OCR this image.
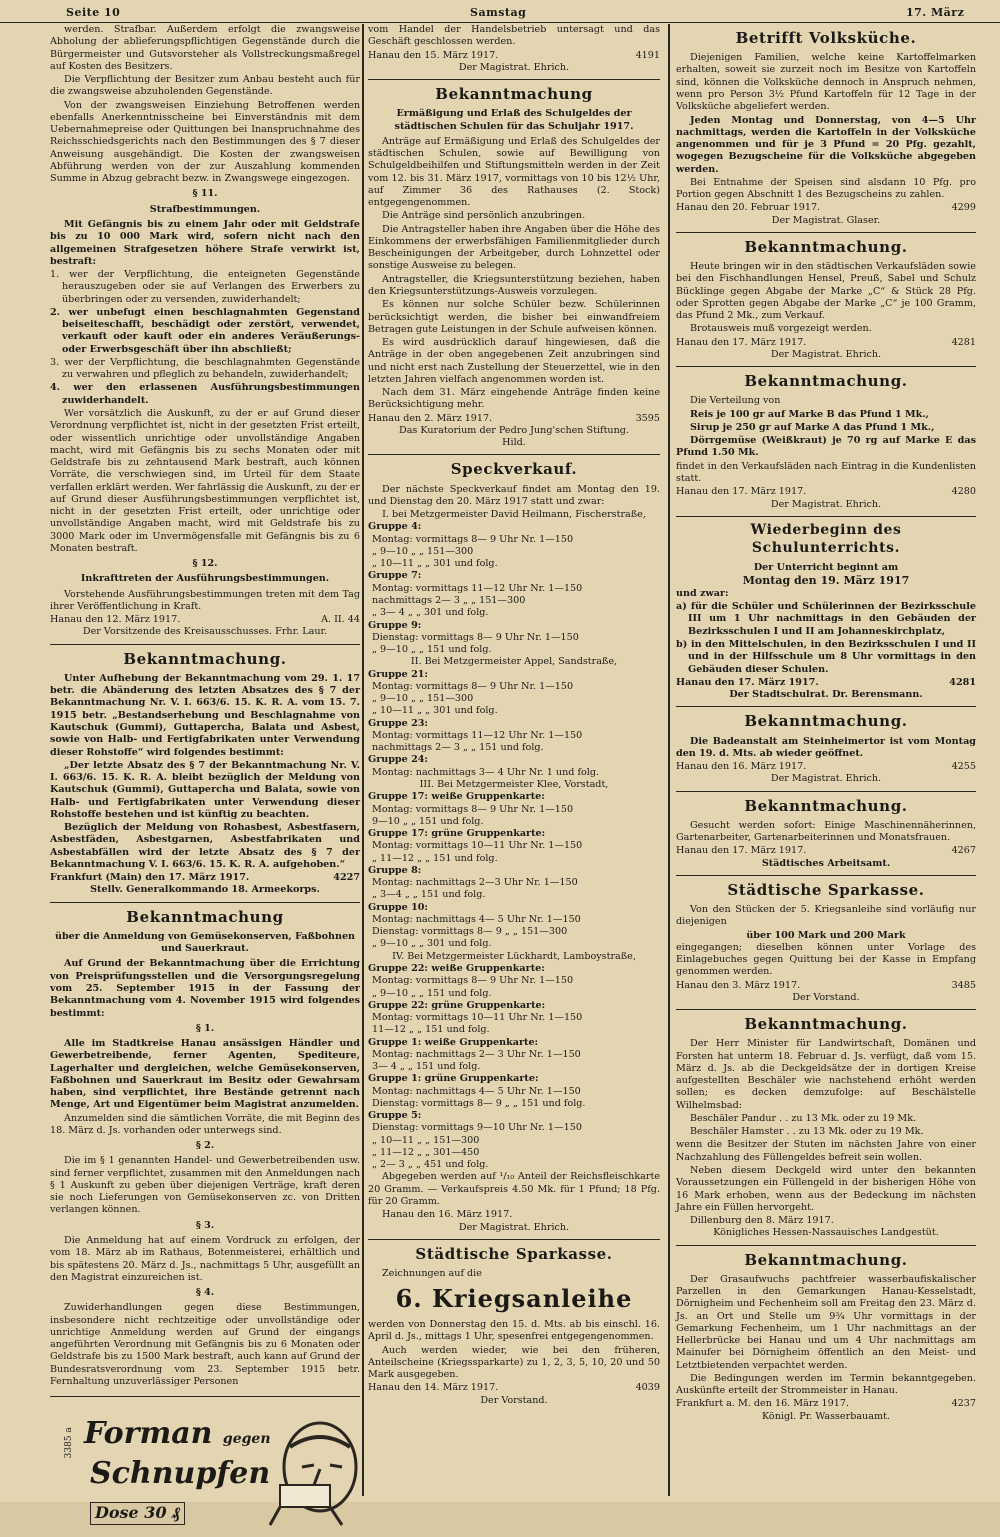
Seite 10	Samstag	17. März

werden. Strafbar. Außerdem erfolgt die zwangsweise Abholung der ablieferungspflichtigen Gegenstände durch die Bürgermeister und Gutsvorsteher als Vollstreckungsmaßregel auf Kosten des Besitzers.

Die Verpflichtung der Besitzer zum Anbau besteht auch für die zwangsweise abzuholenden Gegenstände.

Von der zwangsweisen Einziehung Betroffenen werden ebenfalls Anerkenntnisscheine bei Einverständnis mit dem Uebernahmepreise oder Quittungen bei Inanspruchnahme des Reichsschiedsgerichts nach den Bestimmungen des § 7 dieser Anweisung ausgehändigt. Die Kosten der zwangsweisen Abführung werden von der zur Auszahlung kommenden Summe in Abzug gebracht bezw. in Zwangswege eingezogen.

§ 11.
Strafbestimmungen.

Mit Gefängnis bis zu einem Jahr oder mit Geldstrafe bis zu 10 000 Mark wird, sofern nicht nach den allgemeinen Strafgesetzen höhere Strafe verwirkt ist, bestraft:

1. wer der Verpflichtung, die enteigneten Gegenstände herauszugeben oder sie auf Verlangen des Erwerbers zu überbringen oder zu versenden, zuwiderhandelt;

2. wer unbefugt einen beschlagnahmten Gegenstand beiseiteschafft, beschädigt oder zerstört, verwendet, verkauft oder kauft oder ein anderes Veräußerungs- oder Erwerbsgeschäft über ihn abschließt;

3. wer der Verpflichtung, die beschlagnahmten Gegenstände zu verwahren und pfleglich zu behandeln, zuwiderhandelt;

4. wer den erlassenen Ausführungsbestimmungen zuwiderhandelt.

Wer vorsätzlich die Auskunft, zu der er auf Grund dieser Verordnung verpflichtet ist, nicht in der gesetzten Frist erteilt, oder wissentlich unrichtige oder unvollständige Angaben macht, wird mit Gefängnis bis zu sechs Monaten oder mit Geldstrafe bis zu zehntausend Mark bestraft, auch können Vorräte, die verschwiegen sind, im Urteil für dem Staate verfallen erklärt werden. Wer fahrlässig die Auskunft, zu der er auf Grund dieser Ausführungsbestimmungen verpflichtet ist, nicht in der gesetzten Frist erteilt, oder unrichtige oder unvollständige Angaben macht, wird mit Geldstrafe bis zu 3000 Mark oder im Unvermögensfalle mit Gefängnis bis zu 6 Monaten bestraft.

§ 12.
Inkrafttreten der Ausführungsbestimmungen.

Vorstehende Ausführungsbestimmungen treten mit dem Tag ihrer Veröffentlichung in Kraft.

Hanau den 12. März 1917.	A. II. 44
Der Vorsitzende des Kreisausschusses. Frhr. Laur.
Bekanntmachung.

Unter Aufhebung der Bekanntmachung vom 29. 1. 17 betr. die Abänderung des letzten Absatzes des § 7 der Bekanntmachung Nr. V. I. 663/6. 15. K. R. A. vom 15. 7. 1915 betr. „Bestandserhebung und Beschlagnahme von Kautschuk (Gummi), Guttapercha, Balata und Asbest, sowie von Halb- und Fertigfabrikaten unter Verwendung dieser Rohstoffe“ wird folgendes bestimmt:

„Der letzte Absatz des § 7 der Bekanntmachung Nr. V. I. 663/6. 15. K. R. A. bleibt bezüglich der Meldung von Kautschuk (Gummi), Guttapercha und Balata, sowie von Halb- und Fertigfabrikaten unter Verwendung dieser Rohstoffe bestehen und ist künftig zu beachten.

Bezüglich der Meldung von Rohasbest, Asbestfasern, Asbestfäden, Asbestgarnen, Asbestfabrikaten und Asbestabfällen wird der letzte Absatz des § 7 der Bekanntmachung V. I. 663/6. 15. K. R. A. aufgehoben.“

Frankfurt (Main) den 17. März 1917.	4227
Stellv. Generalkommando 18. Armeekorps.
Bekanntmachung
über die Anmeldung von Gemüsekonserven, Faßbohnen und Sauerkraut.

Auf Grund der Bekanntmachung über die Errichtung von Preisprüfungsstellen und die Versorgungsregelung vom 25. September 1915 in der Fassung der Bekanntmachung vom 4. November 1915 wird folgendes bestimmt:

§ 1.

Alle im Stadtkreise Hanau ansässigen Händler und Gewerbetreibende, ferner Agenten, Spediteure, Lagerhalter und dergleichen, welche Gemüsekonserven, Faßbohnen und Sauerkraut im Besitz oder Gewahrsam haben, sind verpflichtet, ihre Bestände getrennt nach Menge, Art und Eigentümer beim Magistrat anzumelden.

Anzumelden sind die sämtlichen Vorräte, die mit Beginn des 18. März d. Js. vorhanden oder unterwegs sind.

§ 2.

Die im § 1 genannten Handel- und Gewerbetreibenden usw. sind ferner verpflichtet, zusammen mit den Anmeldungen nach § 1 Auskunft zu geben über diejenigen Verträge, kraft deren sie noch Lieferungen von Gemüsekonserven zc. von Dritten verlangen können.

§ 3.

Die Anmeldung hat auf einem Vordruck zu erfolgen, der vom 18. März ab im Rathaus, Botenmeisterei, erhältlich und bis spätestens 20. März d. Js., nachmittags 5 Uhr, ausgefüllt an den Magistrat einzureichen ist.

§ 4.

Zuwiderhandlungen gegen diese Bestimmungen, insbesondere nicht rechtzeitige oder unvollständige oder unrichtige Anmeldung werden auf Grund der eingangs angeführten Verordnung mit Gefängnis bis zu 6 Monaten oder Geldstrafe bis zu 1500 Mark bestraft, auch kann auf Grund der Bundesratsverordnung vom 23. September 1915 betr. Fernhaltung unzuverlässiger Personen

3385 a Forman gegen
Schnupfen
Dose 30 ₰

vom Handel der Handelsbetrieb untersagt und das Geschäft geschlossen werden.

Hanau den 15. März 1917.	4191
Der Magistrat. Ehrich.
Bekanntmachung
Ermäßigung und Erlaß des Schulgeldes der städtischen Schulen für das Schuljahr 1917.

Anträge auf Ermäßigung und Erlaß des Schulgeldes der städtischen Schulen, sowie auf Bewilligung von Schulgeldbeihilfen und Stiftungsmitteln werden in der Zeit vom 12. bis 31. März 1917, vormittags von 10 bis 12½ Uhr, auf Zimmer 36 des Rathauses (2. Stock) entgegengenommen.

Die Anträge sind persönlich anzubringen.

Die Antragsteller haben ihre Angaben über die Höhe des Einkommens der erwerbsfähigen Familienmitglieder durch Bescheinigungen der Arbeitgeber, durch Lohnzettel oder sonstige Ausweise zu belegen.

Antragsteller, die Kriegsunterstützung beziehen, haben den Kriegsunterstützungs-Ausweis vorzulegen.

Es können nur solche Schüler bezw. Schülerinnen berücksichtigt werden, die bisher bei einwandfreiem Betragen gute Leistungen in der Schule aufweisen können.

Es wird ausdrücklich darauf hingewiesen, daß die Anträge in der oben angegebenen Zeit anzubringen sind und nicht erst nach Zustellung der Steuerzettel, wie in den letzten Jahren vielfach angenommen worden ist.

Nach dem 31. März eingehende Anträge finden keine Berücksichtigung mehr.

Hanau den 2. März 1917.	3595
Das Kuratorium der Pedro Jung'schen Stiftung.
Hild.
Speckverkauf.

Der nächste Speckverkauf findet am Montag den 19. und Dienstag den 20. März 1917 statt und zwar:

I. bei Metzgermeister David Heilmann, Fischerstraße,
Gruppe 4:
Montag: vormittags 8— 9 Uhr Nr. 1—150
„ 9—10 „ „ 151—300
„ 10—11 „ „ 301 und folg.
Gruppe 7:
Montag: vormittags 11—12 Uhr Nr. 1—150
nachmittags 2— 3 „ „ 151—300
„ 3— 4 „ „ 301 und folg.
Gruppe 9:
Dienstag: vormittags 8— 9 Uhr Nr. 1—150
„ 9—10 „ „ 151 und folg.
II. Bei Metzgermeister Appel, Sandstraße,
Gruppe 21:
Montag: vormittags 8— 9 Uhr Nr. 1—150
„ 9—10 „ „ 151—300
„ 10—11 „ „ 301 und folg.
Gruppe 23:
Montag: vormittags 11—12 Uhr Nr. 1—150
nachmittags 2— 3 „ „ 151 und folg.
Gruppe 24:
Montag: nachmittags 3— 4 Uhr Nr. 1 und folg.
III. Bei Metzgermeister Klee, Vorstadt,
Gruppe 17: weiße Gruppenkarte:
Montag: vormittags 8— 9 Uhr Nr. 1—150
9—10 „ „ 151 und folg.
Gruppe 17: grüne Gruppenkarte:
Montag: vormittags 10—11 Uhr Nr. 1—150
„ 11—12 „ „ 151 und folg.
Gruppe 8:
Montag: nachmittags 2—3 Uhr Nr. 1—150
„ 3—4 „ „ 151 und folg.
Gruppe 10:
Montag: nachmittags 4— 5 Uhr Nr. 1—150
Dienstag: vormittags 8— 9 „ „ 151—300
„ 9—10 „ „ 301 und folg.
IV. Bei Metzgermeister Lückhardt, Lamboystraße,
Gruppe 22: weiße Gruppenkarte:
Montag: vormittags 8— 9 Uhr Nr. 1—150
„ 9—10 „ „ 151 und folg.
Gruppe 22: grüne Gruppenkarte:
Montag: vormittags 10—11 Uhr Nr. 1—150
11—12 „ „ 151 und folg.
Gruppe 1: weiße Gruppenkarte:
Montag: nachmittags 2— 3 Uhr Nr. 1—150
3— 4 „ „ 151 und folg.
Gruppe 1: grüne Gruppenkarte:
Montag: nachmittags 4— 5 Uhr Nr. 1—150
Dienstag: vormittags 8— 9 „ „ 151 und folg.
Gruppe 5:
Dienstag: vormittags 9—10 Uhr Nr. 1—150
„ 10—11 „ „ 151—300
„ 11—12 „ „ 301—450
„ 2— 3 „ „ 451 und folg.

Abgegeben werden auf ¹/₁₀ Anteil der Reichsfleischkarte 20 Gramm. — Verkaufspreis 4.50 Mk. für 1 Pfund; 18 Pfg. für 20 Gramm.

Hanau den 16. März 1917.
Der Magistrat. Ehrich.
Städtische Sparkasse.
Zeichnungen auf die
6. Kriegsanleihe

werden von Donnerstag den 15. d. Mts. ab bis einschl. 16. April d. Js., mittags 1 Uhr, spesenfrei entgegengenommen.

Auch werden wieder, wie bei den früheren, Anteilscheine (Kriegssparkarte) zu 1, 2, 3, 5, 10, 20 und 50 Mark ausgegeben.

Hanau den 14. März 1917.	4039
Der Vorstand.
Betrifft Volksküche.

Diejenigen Familien, welche keine Kartoffelmarken erhalten, soweit sie zurzeit noch im Besitze von Kartoffeln sind, können die Volksküche dennoch in Anspruch nehmen, wenn pro Person 3½ Pfund Kartoffeln für 12 Tage in der Volksküche abgeliefert werden.

Jeden Montag und Donnerstag, von 4—5 Uhr nachmittags, werden die Kartoffeln in der Volksküche angenommen und für je 3 Pfund = 20 Pfg. gezahlt, wogegen Bezugscheine für die Volksküche abgegeben werden.

Bei Entnahme der Speisen sind alsdann 10 Pfg. pro Portion gegen Abschnitt 1 des Bezugscheins zu zahlen.

Hanau den 20. Februar 1917.	4299
Der Magistrat. Glaser.
Bekanntmachung.

Heute bringen wir in den städtischen Verkaufsläden sowie bei den Fischhandlungen Hensel, Preuß, Sabel und Schulz Bücklinge gegen Abgabe der Marke „C“ & Stück 28 Pfg. oder Sprotten gegen Abgabe der Marke „C“ je 100 Gramm, das Pfund 2 Mk., zum Verkauf.

Brotausweis muß vorgezeigt werden.

Hanau den 17. März 1917.	4281
Der Magistrat. Ehrich.
Bekanntmachung.

Die Verteilung von

Reis je 100 gr auf Marke B das Pfund 1 Mk.,

Sirup je 250 gr auf Marke A das Pfund 1 Mk.,

Dörrgemüse (Weißkraut) je 70 rg auf Marke E das Pfund 1.50 Mk.

findet in den Verkaufsläden nach Eintrag in die Kundenlisten statt.

Hanau den 17. März 1917.	4280
Der Magistrat. Ehrich.
Wiederbeginn des Schulunterrichts.
Der Unterricht beginnt am
Montag den 19. März 1917

und zwar:

a) für die Schüler und Schülerinnen der Bezirksschule III um 1 Uhr nachmittags in den Gebäuden der Bezirksschulen I und II am Johanneskirchplatz,

b) in den Mittelschulen, in den Bezirksschulen I und II und in der Hilfsschule um 8 Uhr vormittags in den Gebäuden dieser Schulen.

Hanau den 17. März 1917.	4281
Der Stadtschulrat. Dr. Berensmann.
Bekanntmachung.

Die Badeanstalt am Steinheimertor ist vom Montag den 19. d. Mts. ab wieder geöffnet.

Hanau den 16. März 1917.	4255
Der Magistrat. Ehrich.
Bekanntmachung.

Gesucht werden sofort: Einige Maschinennäherinnen, Gartenarbeiter, Gartenarbeiterinnen und Monatsfrauen.

Hanau den 17. März 1917.	4267
Städtisches Arbeitsamt.
Städtische Sparkasse.

Von den Stücken der 5. Kriegsanleihe sind vorläufig nur diejenigen

über 100 Mark und 200 Mark

eingegangen; dieselben können unter Vorlage des Einlagebuches gegen Quittung bei der Kasse in Empfang genommen werden.

Hanau den 3. März 1917.	3485
Der Vorstand.
Bekanntmachung.

Der Herr Minister für Landwirtschaft, Domänen und Forsten hat unterm 18. Februar d. Js. verfügt, daß vom 15. März d. Js. ab die Deckgeldsätze der in dortigen Kreise aufgestellten Beschäler wie nachstehend erhöht werden sollen; es decken demzufolge: auf Beschälstelle Wilhelmsbad:

Beschäler Pandur . . zu 13 Mk. oder zu 19 Mk.

Beschäler Hamster . . zu 13 Mk. oder zu 19 Mk.

wenn die Besitzer der Stuten im nächsten Jahre von einer Nachzahlung des Füllengeldes befreit sein wollen.

Neben diesem Deckgeld wird unter den bekannten Voraussetzungen ein Füllengeld in der bisherigen Höhe von 16 Mark erhoben, wenn aus der Bedeckung im nächsten Jahre ein Füllen hervorgeht.

Dillenburg den 8. März 1917.
Königliches Hessen-Nassauisches Landgestüt.
Bekanntmachung.

Der Grasaufwuchs pachtfreier wasserbaufiskalischer Parzellen in den Gemarkungen Hanau-Kesselstadt, Dörnigheim und Fechenheim soll am Freitag den 23. März d. Js. an Ort und Stelle um 9¾ Uhr vormittags in der Gemarkung Fechenheim, um 1 Uhr nachmittags an der Hellerbrücke bei Hanau und um 4 Uhr nachmittags am Mainufer bei Dörnigheim öffentlich an den Meist- und Letztbietenden verpachtet werden.

Die Bedingungen werden im Termin bekanntgegeben. Auskünfte erteilt der Strommeister in Hanau.

Frankfurt a. M. den 16. März 1917.	4237
Königl. Pr. Wasserbauamt.
